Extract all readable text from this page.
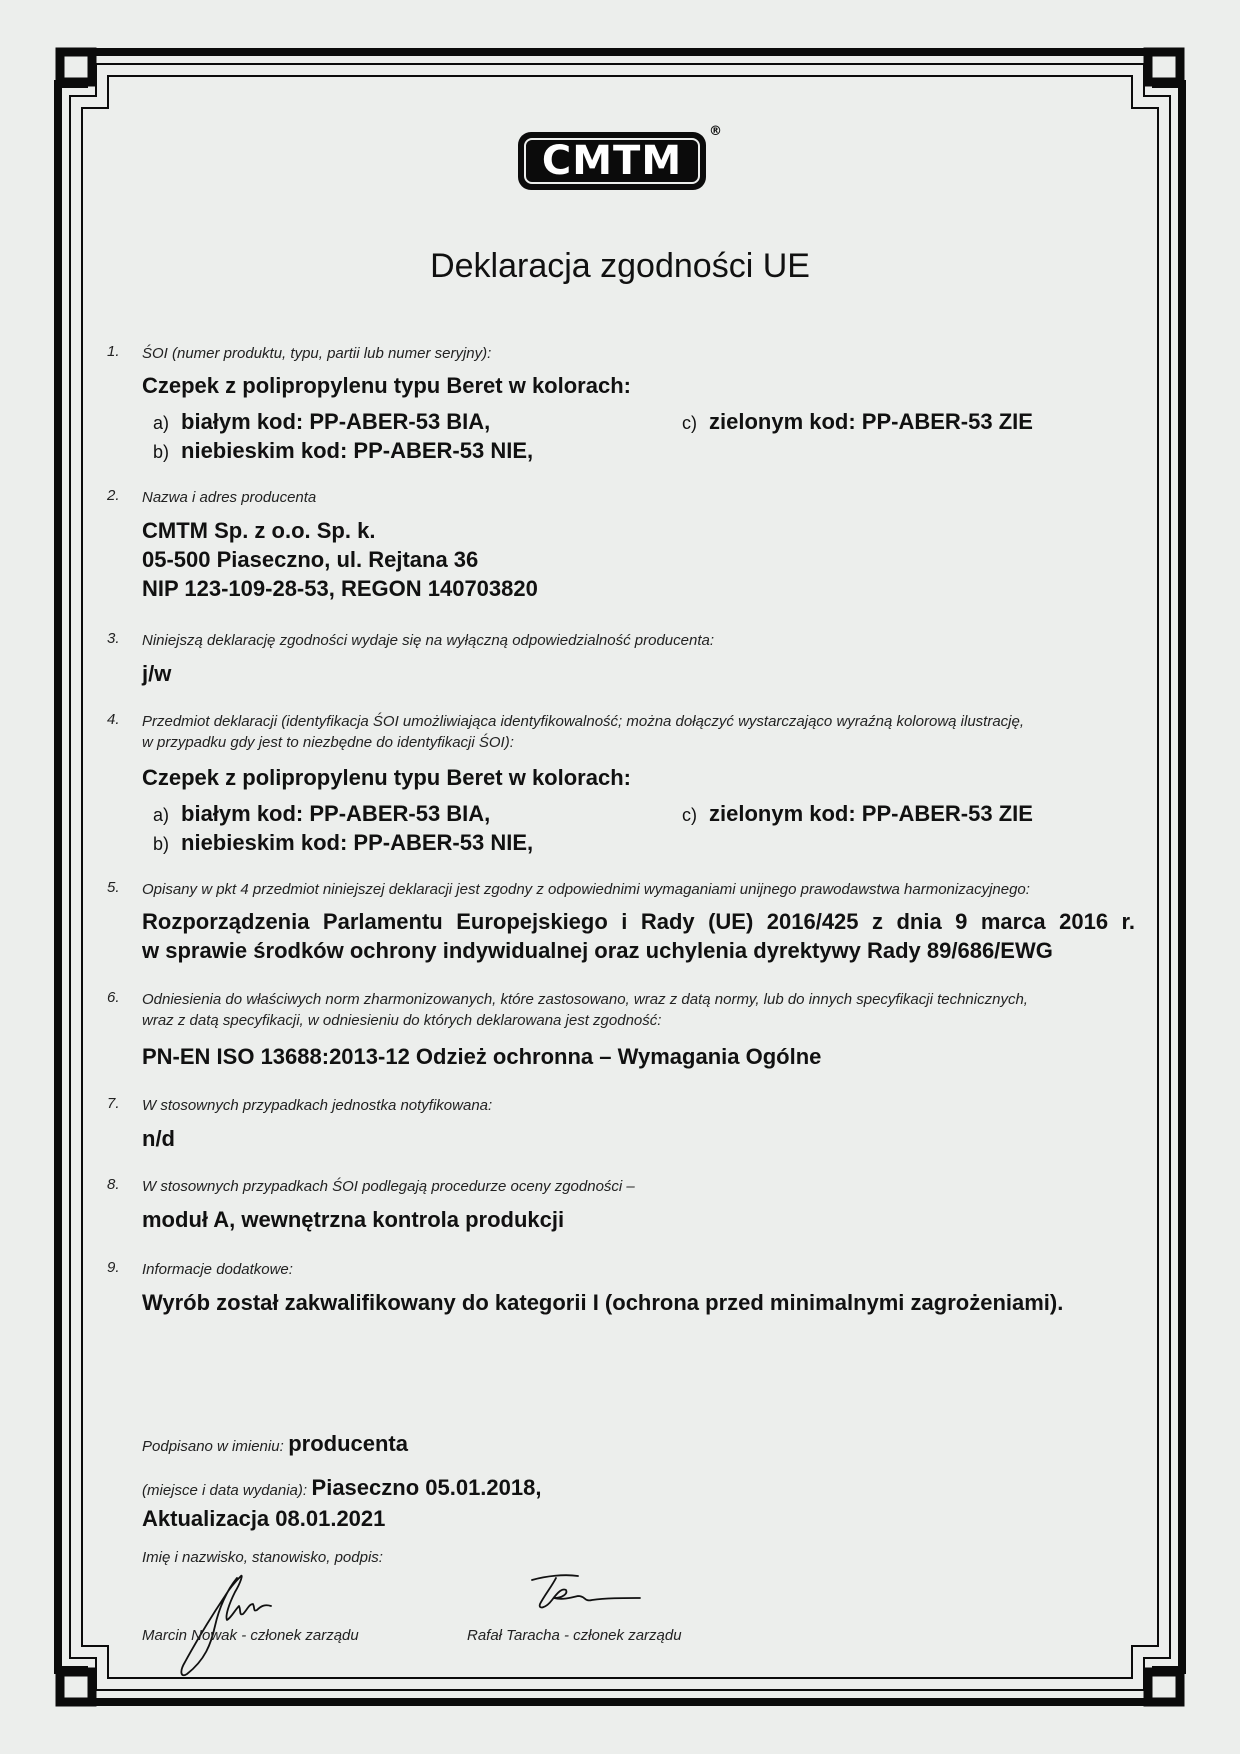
CMTM
®
Deklaracja zgodności UE
1. ŚOI (numer produktu, typu, partii lub numer seryjny):
Czepek z polipropylenu typu Beret w kolorach:
a) białym kod: PP-ABER-53 BIA,
b) niebieskim kod: PP-ABER-53 NIE,
c) zielonym kod: PP-ABER-53 ZIE
2. Nazwa i adres producenta
CMTM Sp. z o.o. Sp. k.
05-500 Piaseczno, ul. Rejtana 36
NIP 123-109-28-53, REGON 140703820
3. Niniejszą deklarację zgodności wydaje się na wyłączną odpowiedzialność producenta:
j/w
4. Przedmiot deklaracji (identyfikacja ŚOI umożliwiająca identyfikowalność; można dołączyć wystarczająco wyraźną kolorową ilustrację,
w przypadku gdy jest to niezbędne do identyfikacji ŚOI):
Czepek z polipropylenu typu Beret w kolorach:
a) białym kod: PP-ABER-53 BIA,
b) niebieskim kod: PP-ABER-53 NIE,
c) zielonym kod: PP-ABER-53 ZIE
5. Opisany w pkt 4 przedmiot niniejszej deklaracji jest zgodny z odpowiednimi wymaganiami unijnego prawodawstwa harmonizacyjnego:
Rozporządzenia Parlamentu Europejskiego i Rady (UE) 2016/425 z dnia 9 marca 2016 r.
w sprawie środków ochrony indywidualnej oraz uchylenia dyrektywy Rady 89/686/EWG
6. Odniesienia do właściwych norm zharmonizowanych, które zastosowano, wraz z datą normy, lub do innych specyfikacji technicznych,
wraz z datą specyfikacji, w odniesieniu do których deklarowana jest zgodność:
PN-EN ISO 13688:2013-12 Odzież ochronna – Wymagania Ogólne
7. W stosownych przypadkach jednostka notyfikowana:
n/d
8. W stosownych przypadkach ŚOI podlegają procedurze oceny zgodności –
moduł A, wewnętrzna kontrola produkcji
9. Informacje dodatkowe:
Wyrób został zakwalifikowany do kategorii I (ochrona przed minimalnymi zagrożeniami).
Podpisano w imieniu: producenta
(miejsce i data wydania): Piaseczno 05.01.2018,
Aktualizacja 08.01.2021
Imię i nazwisko, stanowisko, podpis:
Marcin Nowak - członek zarządu	Rafał Taracha - członek zarządu
